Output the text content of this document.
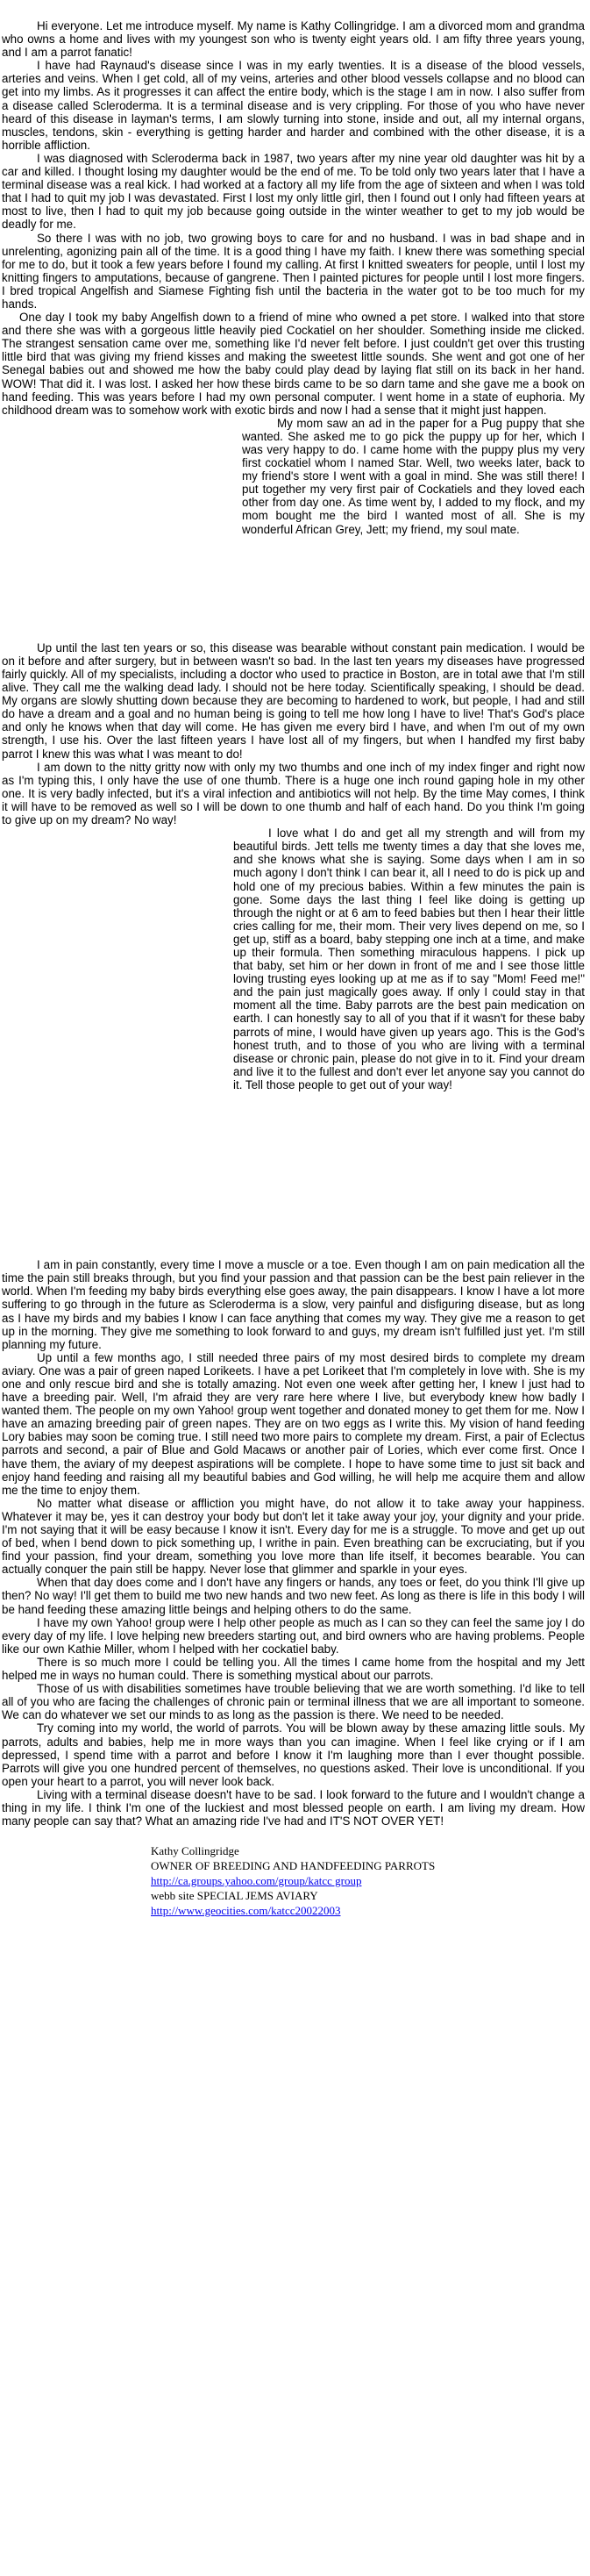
Hi everyone. Let me introduce myself. My name is Kathy Collingridge. I am a divorced mom and grandma who owns a home and lives with my youngest son who is twenty eight years old. I am fifty three years young, and I am a parrot fanatic!

I have had Raynaud's disease since I was in my early twenties. It is a disease of the blood vessels, arteries and veins. When I get cold, all of my veins, arteries and other blood vessels collapse and no blood can get into my limbs. As it progresses it can affect the entire body, which is the stage I am in now. I also suffer from a disease called Scleroderma. It is a terminal disease and is very crippling. For those of you who have never heard of this disease in layman's terms, I am slowly turning into stone, inside and out, all my internal organs, muscles, tendons, skin - everything is getting harder and harder and combined with the other disease, it is a horrible affliction.

I was diagnosed with Scleroderma back in 1987, two years after my nine year old daughter was hit by a car and killed. I thought losing my daughter would be the end of me. To be told only two years later that I have a terminal disease was a real kick. I had worked at a factory all my life from the age of sixteen and when I was told that I had to quit my job I was devastated. First I lost my only little girl, then I found out I only had fifteen years at most to live, then I had to quit my job because going outside in the winter weather to get to my job would be deadly for me.

So there I was with no job, two growing boys to care for and no husband. I was in bad shape and in unrelenting, agonizing pain all of the time. It is a good thing I have my faith. I knew there was something special for me to do, but it took a few years before I found my calling. At first I knitted sweaters for people, until I lost my knitting fingers to amputations, because of gangrene. Then I painted pictures for people until I lost more fingers. I bred tropical Angelfish and Siamese Fighting fish until the bacteria in the water got to be too much for my hands.

One day I took my baby Angelfish down to a friend of mine who owned a pet store. I walked into that store and there she was with a gorgeous little heavily pied Cockatiel on her shoulder. Something inside me clicked. The strangest sensation came over me, something like I'd never felt before. I just couldn't get over this trusting little bird that was giving my friend kisses and making the sweetest little sounds. She went and got one of her Senegal babies out and showed me how the baby could play dead by laying flat still on its back in her hand. WOW! That did it. I was lost. I asked her how these birds came to be so darn tame and she gave me a book on hand feeding. This was years before I had my own personal computer. I went home in a state of euphoria. My childhood dream was to somehow work with exotic birds and now I had a sense that it might just happen.

My mom saw an ad in the paper for a Pug puppy that she wanted. She asked me to go pick the puppy up for her, which I was very happy to do. I came home with the puppy plus my very first cockatiel whom I named Star. Well, two weeks later, back to my friend's store I went with a goal in mind. She was still there! I put together my very first pair of Cockatiels and they loved each other from day one. As time went by, I added to my flock, and my mom bought me the bird I wanted most of all. She is my wonderful African Grey, Jett; my friend, my soul mate.

Up until the last ten years or so, this disease was bearable without constant pain medication. I would be on it before and after surgery, but in between wasn't so bad. In the last ten years my diseases have progressed fairly quickly. All of my specialists, including a doctor who used to practice in Boston, are in total awe that I'm still alive. They call me the walking dead lady. I should not be here today. Scientifically speaking, I should be dead. My organs are slowly shutting down because they are becoming to hardened to work, but people, I had and still do have a dream and a goal and no human being is going to tell me how long I have to live! That's God's place and only he knows when that day will come. He has given me every bird I have, and when I'm out of my own strength, I use his. Over the last fifteen years I have lost all of my fingers, but when I handfed my first baby parrot I knew this was what I was meant to do!

I am down to the nitty gritty now with only my two thumbs and one inch of my index finger and right now as I'm typing this, I only have the use of one thumb. There is a huge one inch round gaping hole in my other one. It is very badly infected, but it's a viral infection and antibiotics will not help. By the time May comes, I think it will have to be removed as well so I will be down to one thumb and half of each hand. Do you think I'm going to give up on my dream? No way!

I love what I do and get all my strength and will from my beautiful birds. Jett tells me twenty times a day that she loves me, and she knows what she is saying. Some days when I am in so much agony I don't think I can bear it, all I need to do is pick up and hold one of my precious babies. Within a few minutes the pain is gone. Some days the last thing I feel like doing is getting up through the night or at 6 am to feed babies but then I hear their little cries calling for me, their mom. Their very lives depend on me, so I get up, stiff as a board, baby stepping one inch at a time, and make up their formula. Then something miraculous happens. I pick up that baby, set him or her down in front of me and I see those little loving trusting eyes looking up at me as if to say "Mom! Feed me!" and the pain just magically goes away. If only I could stay in that moment all the time. Baby parrots are the best pain medication on earth. I can honestly say to all of you that if it wasn't for these baby parrots of mine, I would have given up years ago. This is the God's honest truth, and to those of you who are living with a terminal disease or chronic pain, please do not give in to it. Find your dream and live it to the fullest and don't ever let anyone say you cannot do it. Tell those people to get out of your way!

I am in pain constantly, every time I move a muscle or a toe. Even though I am on pain medication all the time the pain still breaks through, but you find your passion and that passion can be the best pain reliever in the world. When I'm feeding my baby birds everything else goes away, the pain disappears. I know I have a lot more suffering to go through in the future as Scleroderma is a slow, very painful and disfiguring disease, but as long as I have my birds and my babies I know I can face anything that comes my way. They give me a reason to get up in the morning. They give me something to look forward to and guys, my dream isn't fulfilled just yet. I'm still planning my future.

Up until a few months ago, I still needed three pairs of my most desired birds to complete my dream aviary. One was a pair of green naped Lorikeets. I have a pet Lorikeet that I'm completely in love with. She is my one and only rescue bird and she is totally amazing. Not even one week after getting her, I knew I just had to have a breeding pair. Well, I'm afraid they are very rare here where I live, but everybody knew how badly I wanted them. The people on my own Yahoo! group went together and donated money to get them for me. Now I have an amazing breeding pair of green napes. They are on two eggs as I write this. My vision of hand feeding Lory babies may soon be coming true. I still need two more pairs to complete my dream. First, a pair of Eclectus parrots and second, a pair of Blue and Gold Macaws or another pair of Lories, which ever come first. Once I have them, the aviary of my deepest aspirations will be complete. I hope to have some time to just sit back and enjoy hand feeding and raising all my beautiful babies and God willing, he will help me acquire them and allow me the time to enjoy them.

No matter what disease or affliction you might have, do not allow it to take away your happiness. Whatever it may be, yes it can destroy your body but don't let it take away your joy, your dignity and your pride. I'm not saying that it will be easy because I know it isn't. Every day for me is a struggle. To move and get up out of bed, when I bend down to pick something up, I writhe in pain. Even breathing can be excruciating, but if you find your passion, find your dream, something you love more than life itself, it becomes bearable. You can actually conquer the pain still be happy. Never lose that glimmer and sparkle in your eyes.

When that day does come and I don't have any fingers or hands, any toes or feet, do you think I'll give up then? No way! I'll get them to build me two new hands and two new feet. As long as there is life in this body I will be hand feeding these amazing little beings and helping others to do the same.

I have my own Yahoo! group were I help other people as much as I can so they can feel the same joy I do every day of my life. I love helping new breeders starting out, and bird owners who are having problems. People like our own Kathie Miller, whom I helped with her cockatiel baby.

There is so much more I could be telling you. All the times I came home from the hospital and my Jett helped me in ways no human could. There is something mystical about our parrots.

Those of us with disabilities sometimes have trouble believing that we are worth something. I'd like to tell all of you who are facing the challenges of chronic pain or terminal illness that we are all important to someone. We can do whatever we set our minds to as long as the passion is there. We need to be needed.

Try coming into my world, the world of parrots. You will be blown away by these amazing little souls. My parrots, adults and babies, help me in more ways than you can imagine. When I feel like crying or if I am depressed, I spend time with a parrot and before I know it I'm laughing more than I ever thought possible. Parrots will give you one hundred percent of themselves, no questions asked. Their love is unconditional. If you open your heart to a parrot, you will never look back.

Living with a terminal disease doesn't have to be sad. I look forward to the future and I wouldn't change a thing in my life. I think I'm one of the luckiest and most blessed people on earth. I am living my dream. How many people can say that? What an amazing ride I've had and IT'S NOT OVER YET!

Kathy Collingridge
OWNER OF BREEDING AND HANDFEEDING PARROTS
http://ca.groups.yahoo.com/group/katcc group
webb site SPECIAL JEMS AVIARY
http://www.geocities.com/katcc20022003
